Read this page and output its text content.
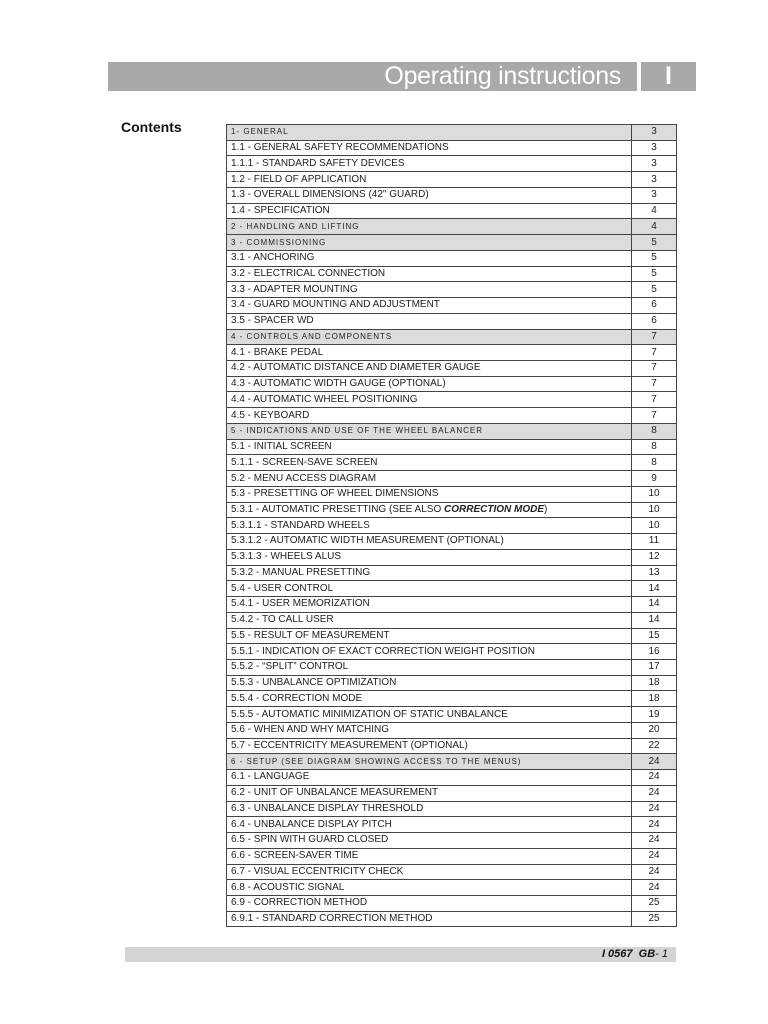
Operating instructions	I
Contents	1- GENERAL	3
1.1 - GENERAL SAFETY RECOMMENDATIONS	3
1.1.1 - STANDARD SAFETY DEVICES	3
1.2 - FIELD OF APPLICATION	3
1.3 - OVERALL DIMENSIONS (42" GUARD)	3
1.4 - SPECIFICATION	4
2 - HANDLING AND LIFTING	4
3 - COMMISSIONING	5
3.1 - ANCHORING	5
3.2 - ELECTRICAL CONNECTION	5
3.3 - ADAPTER MOUNTING	5
3.4 - GUARD MOUNTING AND ADJUSTMENT	6
3.5 - SPACER WD	6
4 - CONTROLS AND COMPONENTS	7
4.1 - BRAKE PEDAL	7
4.2 - AUTOMATIC DISTANCE AND DIAMETER GAUGE	7
4.3 - AUTOMATIC WIDTH GAUGE (OPTIONAL)	7
4.4 - AUTOMATIC WHEEL POSITIONING	7
4.5 - KEYBOARD	7
5 - INDICATIONS AND USE OF THE WHEEL BALANCER	8
5.1 - INITIAL SCREEN	8
5.1.1 - SCREEN-SAVE SCREEN	8
5.2 - MENU ACCESS DIAGRAM	9
5.3 - PRESETTING OF WHEEL DIMENSIONS	10
5.3.1 - AUTOMATIC PRESETTING (SEE ALSO CORRECTION MODE)	10
5.3.1.1 - STANDARD WHEELS	10
5.3.1.2 - AUTOMATIC WIDTH MEASUREMENT (OPTIONAL)	11
5.3.1.3 - WHEELS ALUS	12
5.3.2 - MANUAL PRESETTING	13
5.4 - USER CONTROL	14
5.4.1 - USER MEMORIZATION	14
5.4.2 - TO CALL USER	14
5.5 - RESULT OF MEASUREMENT	15
5.5.1 - INDICATION OF EXACT CORRECTION WEIGHT POSITION	16
5.5.2 - “SPLIT” CONTROL	17
5.5.3 - UNBALANCE OPTIMIZATION	18
5.5.4 - CORRECTION MODE	18
5.5.5 - AUTOMATIC MINIMIZATION OF STATIC UNBALANCE	19
5.6 - WHEN AND WHY MATCHING	20
5.7 - ECCENTRICITY MEASUREMENT (OPTIONAL)	22
6 - SETUP (SEE DIAGRAM SHOWING ACCESS TO THE MENUS)	24
6.1 - LANGUAGE	24
6.2 - UNIT OF UNBALANCE MEASUREMENT	24
6.3 - UNBALANCE DISPLAY THRESHOLD	24
6.4 - UNBALANCE DISPLAY PITCH	24
6.5 - SPIN WITH GUARD CLOSED	24
6.6 - SCREEN-SAVER TIME	24
6.7 - VISUAL ECCENTRICITY CHECK	24
6.8 - ACOUSTIC SIGNAL	24
6.9 - CORRECTION METHOD	25
6.9.1 - STANDARD CORRECTION METHOD	25
I 0567 GB- 1
